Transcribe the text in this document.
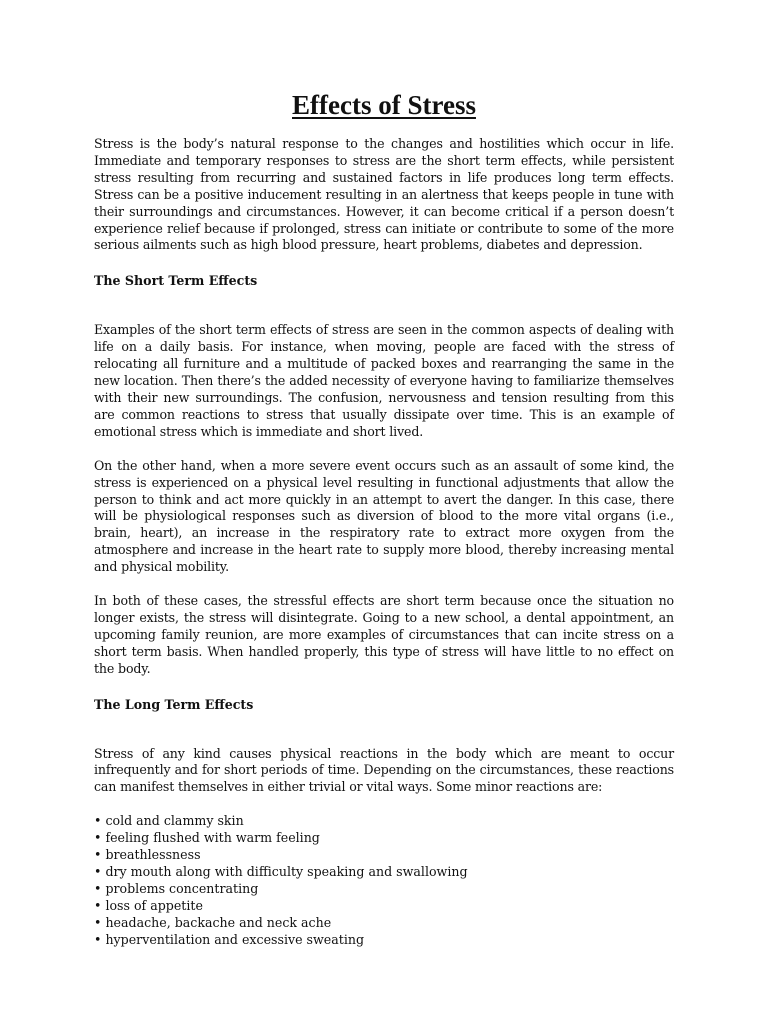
Effects of Stress

Stress is the body’s natural response to the changes and hostilities which occur in life. Immediate and temporary responses to stress are the short term effects, while persistent stress resulting from recurring and sustained factors in life produces long term effects. Stress can be a positive inducement resulting in an alertness that keeps people in tune with their surroundings and circumstances. However, it can become critical if a person doesn’t experience relief because if prolonged, stress can initiate or contribute to some of the more serious ailments such as high blood pressure, heart problems, diabetes and depression.

The Short Term Effects

Examples of the short term effects of stress are seen in the common aspects of dealing with life on a daily basis. For instance, when moving, people are faced with the stress of relocating all furniture and a multitude of packed boxes and rearranging the same in the new location. Then there’s the added necessity of everyone having to familiarize themselves with their new surroundings. The confusion, nervousness and tension resulting from this are common reactions to stress that usually dissipate over time. This is an example of emotional stress which is immediate and short lived.

On the other hand, when a more severe event occurs such as an assault of some kind, the stress is experienced on a physical level resulting in functional adjustments that allow the person to think and act more quickly in an attempt to avert the danger. In this case, there will be physiological responses such as diversion of blood to the more vital organs (i.e., brain, heart), an increase in the respiratory rate to extract more oxygen from the atmosphere and increase in the heart rate to supply more blood, thereby increasing mental and physical mobility.

In both of these cases, the stressful effects are short term because once the situation no longer exists, the stress will disintegrate. Going to a new school, a dental appointment, an upcoming family reunion, are more examples of circumstances that can incite stress on a short term basis. When handled properly, this type of stress will have little to no effect on the body.

The Long Term Effects

Stress of any kind causes physical reactions in the body which are meant to occur infrequently and for short periods of time. Depending on the circumstances, these reactions can manifest themselves in either trivial or vital ways. Some minor reactions are:

• cold and clammy skin
• feeling flushed with warm feeling
• breathlessness
• dry mouth along with difficulty speaking and swallowing
• problems concentrating
• loss of appetite
• headache, backache and neck ache
• hyperventilation and excessive sweating
